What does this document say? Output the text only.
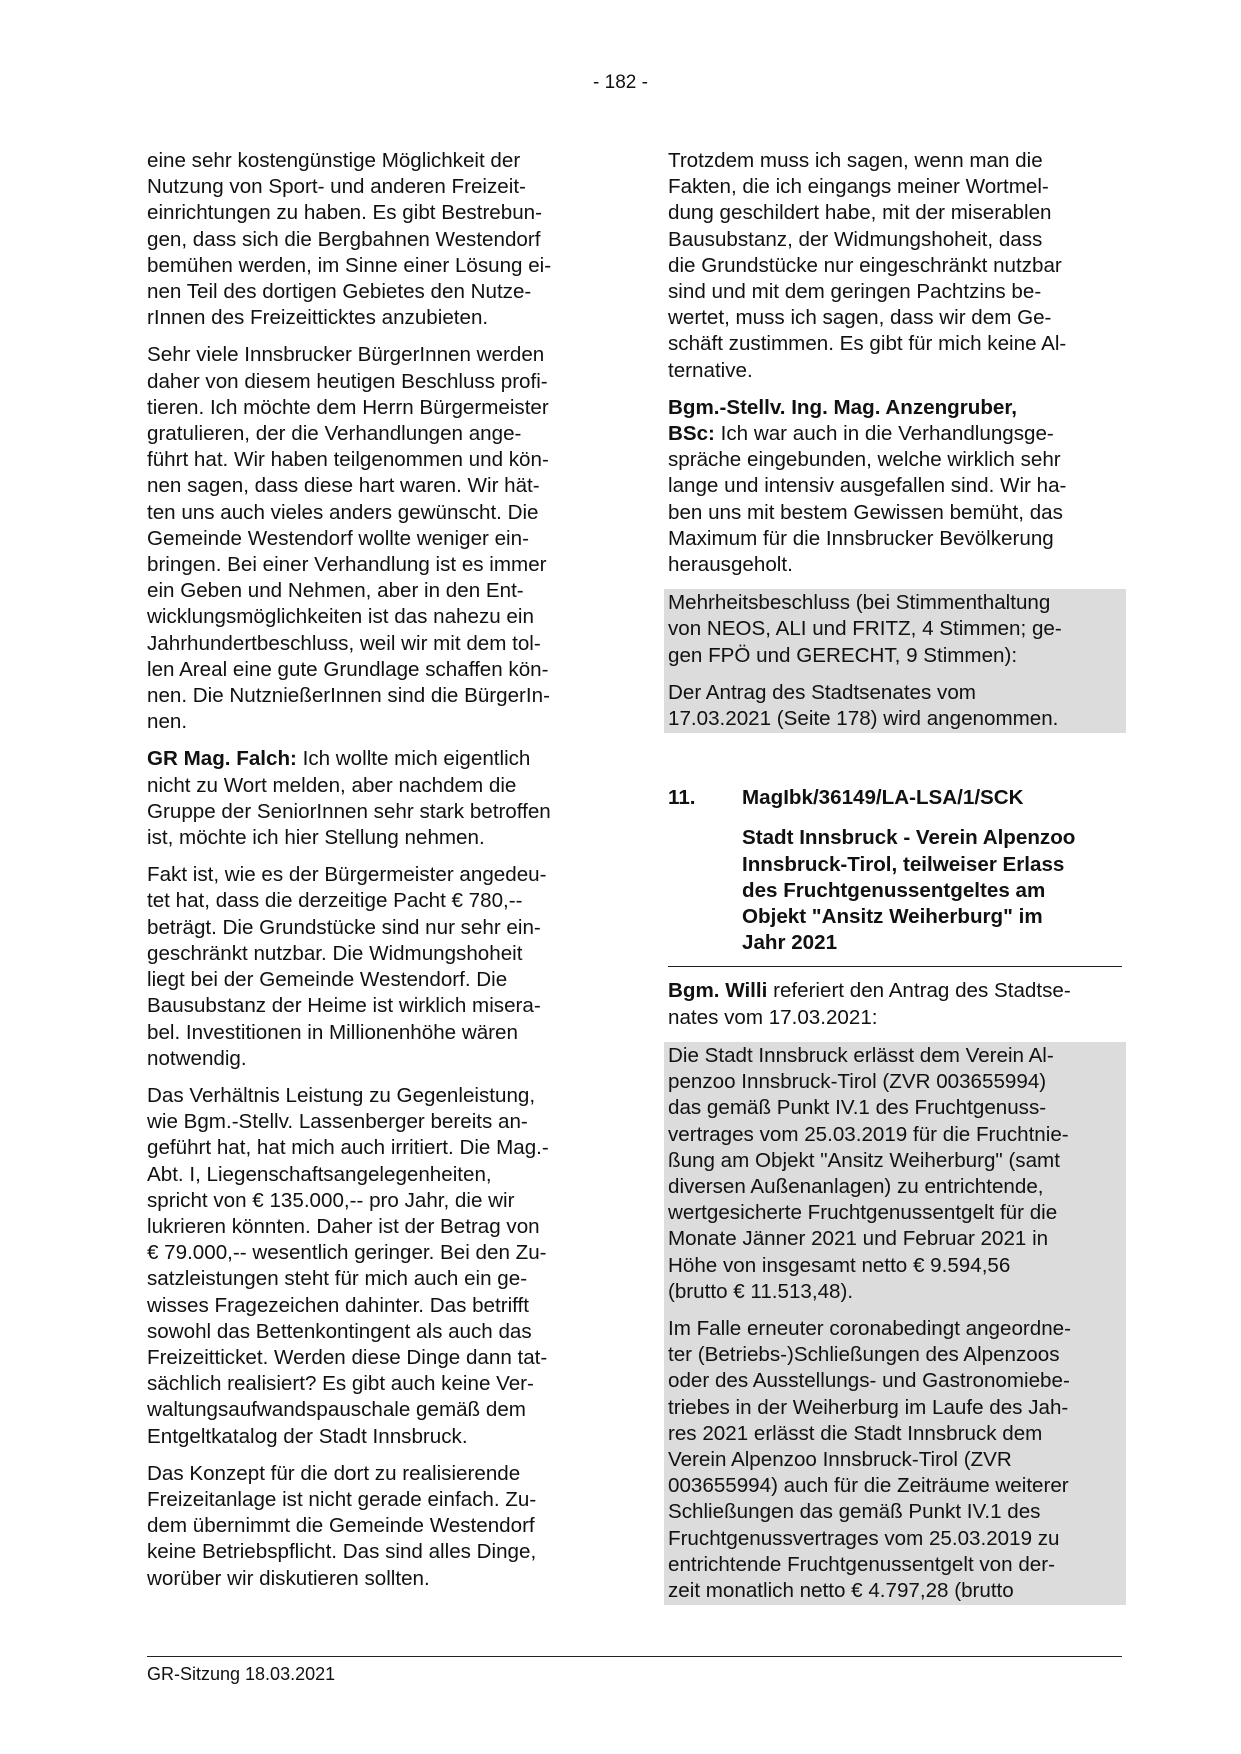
- 182 -

eine sehr kostengünstige Möglichkeit der
Nutzung von Sport- und anderen Freizeit-
einrichtungen zu haben. Es gibt Bestrebun-
gen, dass sich die Bergbahnen Westendorf
bemühen werden, im Sinne einer Lösung ei-
nen Teil des dortigen Gebietes den Nutze-
rInnen des Freizeitticktes anzubieten.

Sehr viele Innsbrucker BürgerInnen werden
daher von diesem heutigen Beschluss profi-
tieren. Ich möchte dem Herrn Bürgermeister
gratulieren, der die Verhandlungen ange-
führt hat. Wir haben teilgenommen und kön-
nen sagen, dass diese hart waren. Wir hät-
ten uns auch vieles anders gewünscht. Die
Gemeinde Westendorf wollte weniger ein-
bringen. Bei einer Verhandlung ist es immer
ein Geben und Nehmen, aber in den Ent-
wicklungsmöglichkeiten ist das nahezu ein
Jahrhundertbeschluss, weil wir mit dem tol-
len Areal eine gute Grundlage schaffen kön-
nen. Die NutznießerInnen sind die BürgerIn-
nen.

GR Mag. Falch: Ich wollte mich eigentlich
nicht zu Wort melden, aber nachdem die
Gruppe der SeniorInnen sehr stark betroffen
ist, möchte ich hier Stellung nehmen.

Fakt ist, wie es der Bürgermeister angedeu-
tet hat, dass die derzeitige Pacht € 780,--
beträgt. Die Grundstücke sind nur sehr ein-
geschränkt nutzbar. Die Widmungshoheit
liegt bei der Gemeinde Westendorf. Die
Bausubstanz der Heime ist wirklich misera-
bel. Investitionen in Millionenhöhe wären
notwendig.

Das Verhältnis Leistung zu Gegenleistung,
wie Bgm.-Stellv. Lassenberger bereits an-
geführt hat, hat mich auch irritiert. Die Mag.-
Abt. I, Liegenschaftsangelegenheiten,
spricht von € 135.000,-- pro Jahr, die wir
lukrieren könnten. Daher ist der Betrag von
€ 79.000,-- wesentlich geringer. Bei den Zu-
satzleistungen steht für mich auch ein ge-
wisses Fragezeichen dahinter. Das betrifft
sowohl das Bettenkontingent als auch das
Freizeitticket. Werden diese Dinge dann tat-
sächlich realisiert? Es gibt auch keine Ver-
waltungsaufwandspauschale gemäß dem
Entgeltkatalog der Stadt Innsbruck.

Das Konzept für die dort zu realisierende
Freizeitanlage ist nicht gerade einfach. Zu-
dem übernimmt die Gemeinde Westendorf
keine Betriebspflicht. Das sind alles Dinge,
worüber wir diskutieren sollten.

Trotzdem muss ich sagen, wenn man die
Fakten, die ich eingangs meiner Wortmel-
dung geschildert habe, mit der miserablen
Bausubstanz, der Widmungshoheit, dass
die Grundstücke nur eingeschränkt nutzbar
sind und mit dem geringen Pachtzins be-
wertet, muss ich sagen, dass wir dem Ge-
schäft zustimmen. Es gibt für mich keine Al-
ternative.

Bgm.-Stellv. Ing. Mag. Anzengruber,
BSc: Ich war auch in die Verhandlungsge-
spräche eingebunden, welche wirklich sehr
lange und intensiv ausgefallen sind. Wir ha-
ben uns mit bestem Gewissen bemüht, das
Maximum für die Innsbrucker Bevölkerung
herausgeholt.

Mehrheitsbeschluss (bei Stimmenthaltung
von NEOS, ALI und FRITZ, 4 Stimmen; ge-
gen FPÖ und GERECHT, 9 Stimmen):

Der Antrag des Stadtsenates vom
17.03.2021 (Seite 178) wird angenommen.

11.	MagIbk/36149/LA-LSA/1/SCK
Stadt Innsbruck - Verein Alpenzoo
Innsbruck-Tirol, teilweiser Erlass
des Fruchtgenussentgeltes am
Objekt "Ansitz Weiherburg" im
Jahr 2021

Bgm. Willi referiert den Antrag des Stadtse-
nates vom 17.03.2021:

Die Stadt Innsbruck erlässt dem Verein Al-
penzoo Innsbruck-Tirol (ZVR 003655994)
das gemäß Punkt IV.1 des Fruchtgenuss-
vertrages vom 25.03.2019 für die Fruchtnie-
ßung am Objekt "Ansitz Weiherburg" (samt
diversen Außenanlagen) zu entrichtende,
wertgesicherte Fruchtgenussentgelt für die
Monate Jänner 2021 und Februar 2021 in
Höhe von insgesamt netto € 9.594,56
(brutto € 11.513,48).

Im Falle erneuter coronabedingt angeordne-
ter (Betriebs-)Schließungen des Alpenzoos
oder des Ausstellungs- und Gastronomiebe-
triebes in der Weiherburg im Laufe des Jah-
res 2021 erlässt die Stadt Innsbruck dem
Verein Alpenzoo Innsbruck-Tirol (ZVR
003655994) auch für die Zeiträume weiterer
Schließungen das gemäß Punkt IV.1 des
Fruchtgenussvertrages vom 25.03.2019 zu
entrichtende Fruchtgenussentgelt von der-
zeit monatlich netto € 4.797,28 (brutto

GR-Sitzung 18.03.2021
